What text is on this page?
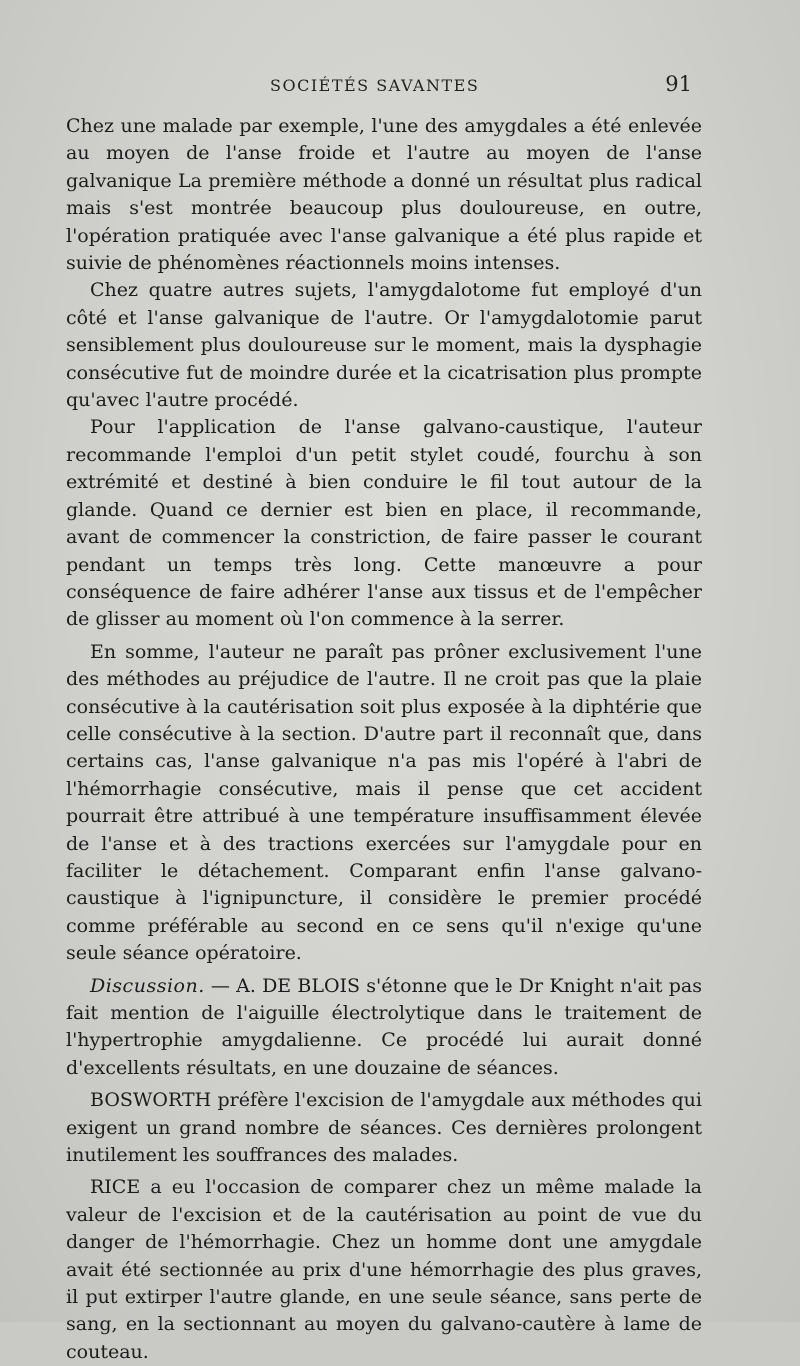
SOCIÉTÉS SAVANTES	91

Chez une malade par exemple, l'une des amygdales a été enlevée au moyen de l'anse froide et l'autre au moyen de l'anse galvanique La première méthode a donné un résultat plus radical mais s'est montrée beaucoup plus douloureuse, en outre, l'opération pratiquée avec l'anse galvanique a été plus rapide et suivie de phénomènes réactionnels moins intenses.

Chez quatre autres sujets, l'amygdalotome fut employé d'un côté et l'anse galvanique de l'autre. Or l'amygdalotomie parut sensiblement plus douloureuse sur le moment, mais la dysphagie consécutive fut de moindre durée et la cicatrisation plus prompte qu'avec l'autre procédé.

Pour l'application de l'anse galvano-caustique, l'auteur recommande l'emploi d'un petit stylet coudé, fourchu à son extrémité et destiné à bien conduire le fil tout autour de la glande. Quand ce dernier est bien en place, il recommande, avant de commencer la constriction, de faire passer le courant pendant un temps très long. Cette manœuvre a pour conséquence de faire adhérer l'anse aux tissus et de l'empêcher de glisser au moment où l'on commence à la serrer.

En somme, l'auteur ne paraît pas prôner exclusivement l'une des méthodes au préjudice de l'autre. Il ne croit pas que la plaie consécutive à la cautérisation soit plus exposée à la diphtérie que celle consécutive à la section. D'autre part il reconnaît que, dans certains cas, l'anse galvanique n'a pas mis l'opéré à l'abri de l'hémorrhagie consécutive, mais il pense que cet accident pourrait être attribué à une température insuffisamment élevée de l'anse et à des tractions exercées sur l'amygdale pour en faciliter le détachement. Comparant enfin l'anse galvano-caustique à l'ignipuncture, il considère le premier procédé comme préférable au second en ce sens qu'il n'exige qu'une seule séance opératoire.

Discussion. — A. DE BLOIS s'étonne que le Dr Knight n'ait pas fait mention de l'aiguille électrolytique dans le traitement de l'hypertrophie amygdalienne. Ce procédé lui aurait donné d'excellents résultats, en une douzaine de séances.

BOSWORTH préfère l'excision de l'amygdale aux méthodes qui exigent un grand nombre de séances. Ces dernières prolongent inutilement les souffrances des malades.

RICE a eu l'occasion de comparer chez un même malade la valeur de l'excision et de la cautérisation au point de vue du danger de l'hémorrhagie. Chez un homme dont une amygdale avait été sectionnée au prix d'une hémorrhagie des plus graves, il put extirper l'autre glande, en une seule séance, sans perte de sang, en la sectionnant au moyen du galvano-cautère à lame de couteau.
